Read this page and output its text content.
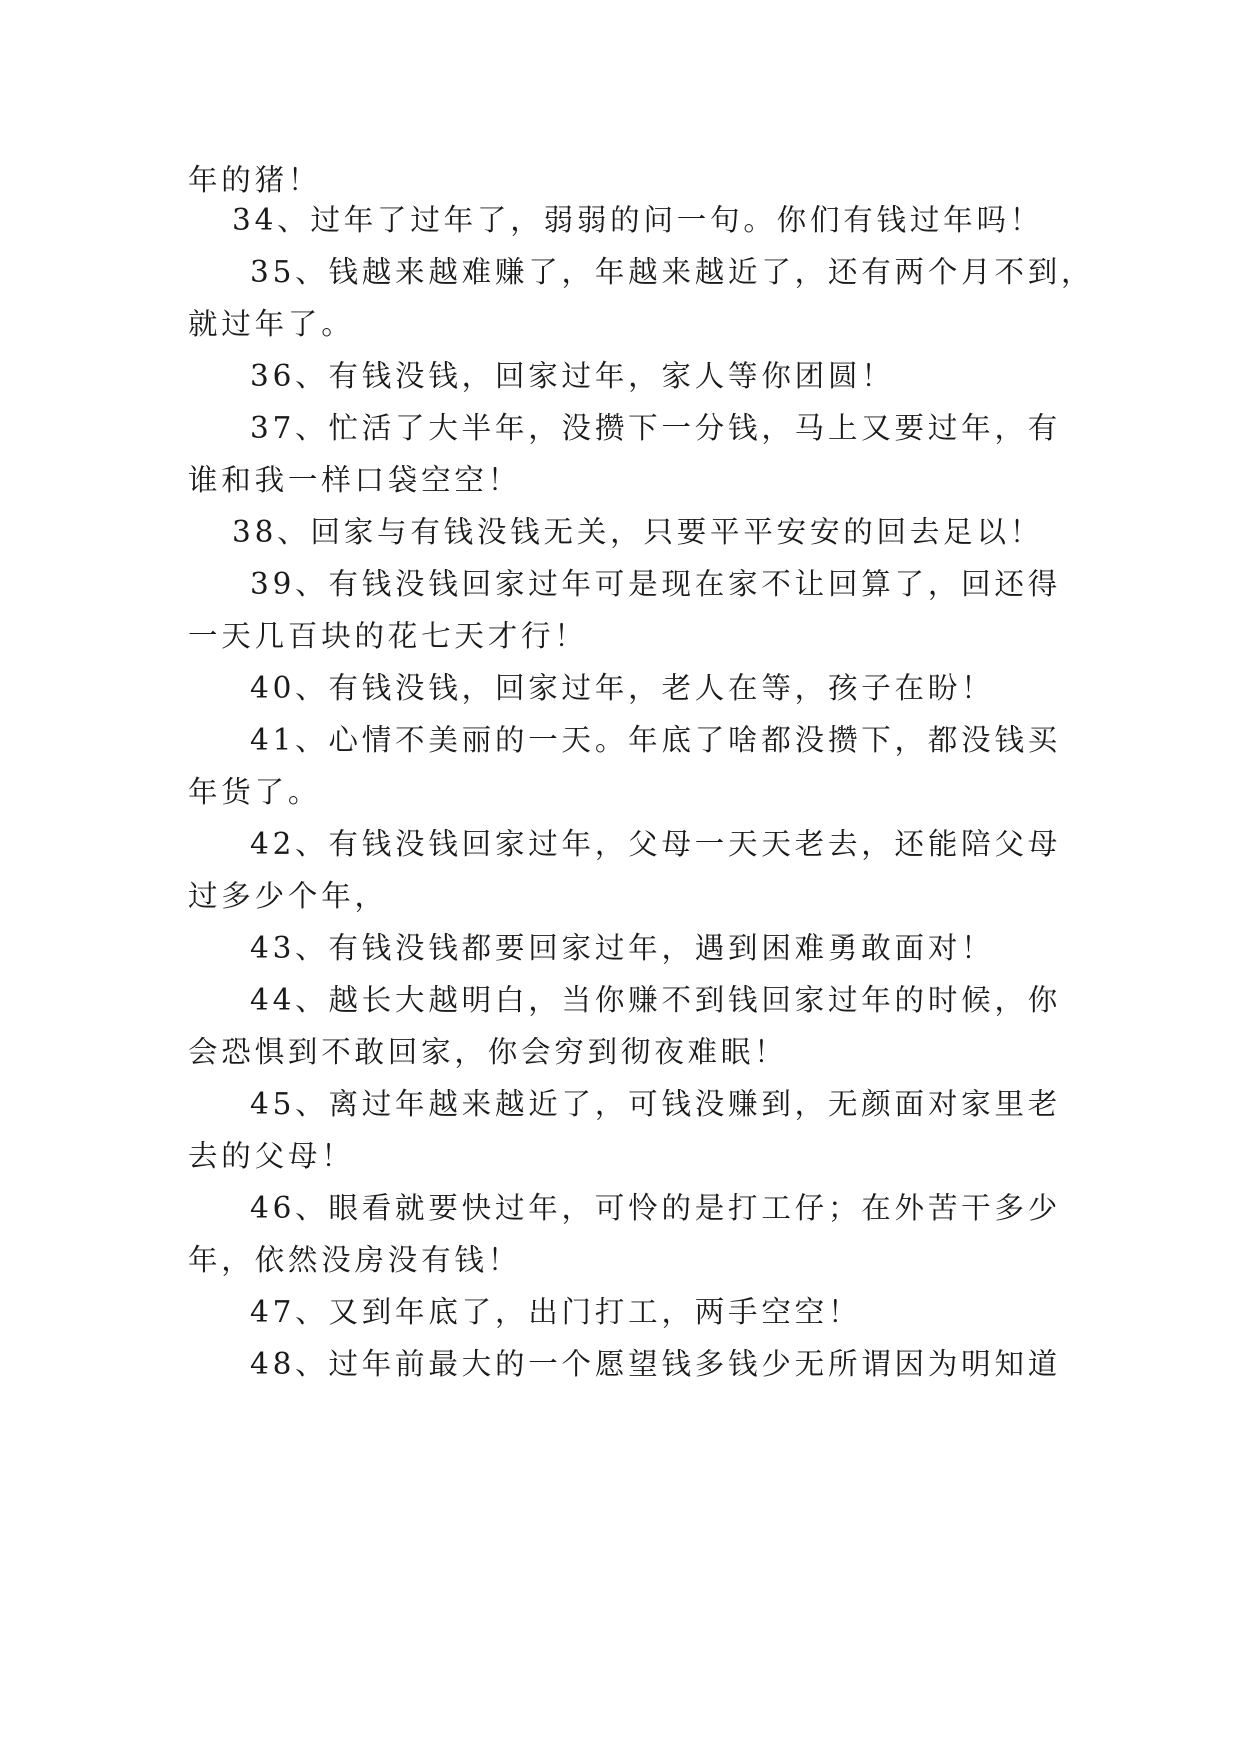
年的猪！
34、过年了过年了，弱弱的问一句。你们有钱过年吗！
35、钱越来越难赚了，年越来越近了，还有两个月不到，
就过年了。
36、有钱没钱，回家过年，家人等你团圆！
37、忙活了大半年，没攒下一分钱，马上又要过年，有
谁和我一样口袋空空！
38、回家与有钱没钱无关，只要平平安安的回去足以！
39、有钱没钱回家过年可是现在家不让回算了，回还得
一天几百块的花七天才行！
40、有钱没钱，回家过年，老人在等，孩子在盼！
41、心情不美丽的一天。年底了啥都没攒下，都没钱买
年货了。
42、有钱没钱回家过年，父母一天天老去，还能陪父母
过多少个年，
43、有钱没钱都要回家过年，遇到困难勇敢面对！
44、越长大越明白，当你赚不到钱回家过年的时候，你
会恐惧到不敢回家，你会穷到彻夜难眠！
45、离过年越来越近了，可钱没赚到，无颜面对家里老
去的父母！
46、眼看就要快过年，可怜的是打工仔；在外苦干多少
年，依然没房没有钱！
47、又到年底了，出门打工，两手空空！
48、过年前最大的一个愿望钱多钱少无所谓因为明知道
